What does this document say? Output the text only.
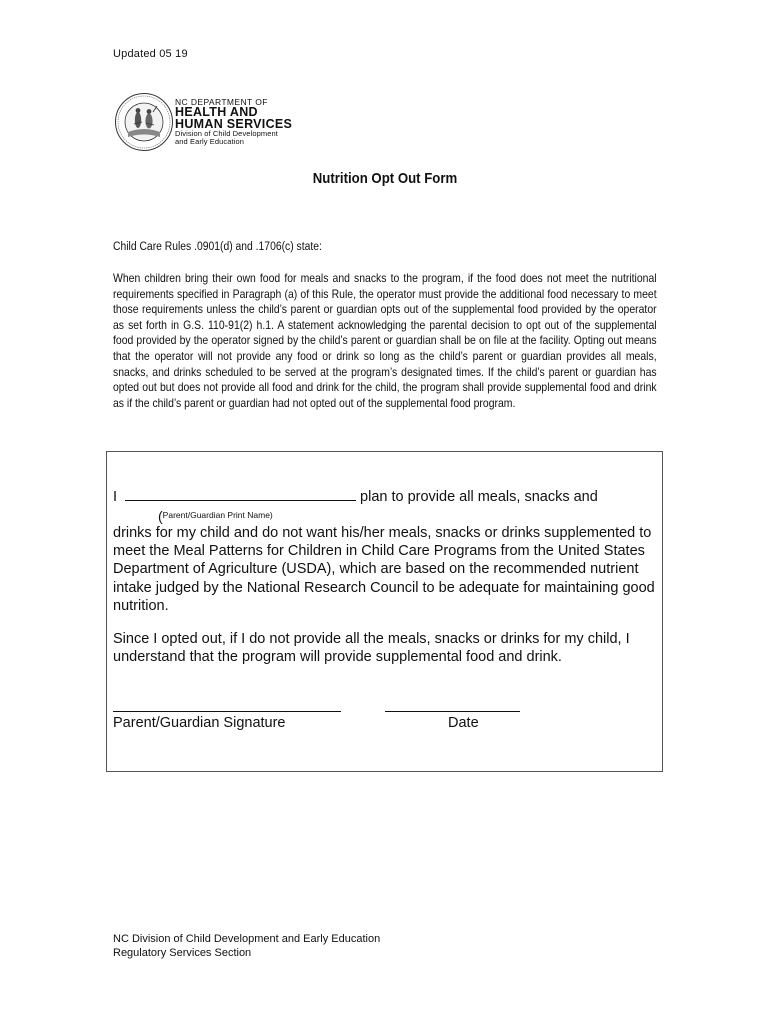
Updated 05 19
NC DEPARTMENT OF
HEALTH AND
HUMAN SERVICES
Division of Child Development
and Early Education
Nutrition Opt Out Form
Child Care Rules .0901(d) and .1706(c) state:

When children bring their own food for meals and snacks to the program, if the food does not meet the nutritional requirements specified in Paragraph (a) of this Rule, the operator must provide the additional food necessary to meet those requirements unless the child’s parent or guardian opts out of the supplemental food provided by the operator as set forth in G.S. 110-91(2) h.1. A statement acknowledging the parental decision to opt out of the supplemental food provided by the operator signed by the child’s parent or guardian shall be on file at the facility. Opting out means that the operator will not provide any food or drink so long as the child’s parent or guardian provides all meals, snacks, and drinks scheduled to be served at the program’s designated times. If the child’s parent or guardian has opted out but does not provide all food and drink for the child, the program shall provide supplemental food and drink as if the child’s parent or guardian had not opted out of the supplemental food program.

I	plan to provide all meals, snacks and
(Parent/Guardian Print Name)

drinks for my child and do not want his/her meals, snacks or drinks supplemented to meet the Meal Patterns for Children in Child Care Programs from the United States Department of Agriculture (USDA), which are based on the recommended nutrient intake judged by the National Research Council to be adequate for maintaining good nutrition.

Since I opted out, if I do not provide all the meals, snacks or drinks for my child, I understand that the program will provide supplemental food and drink.

Parent/Guardian Signature	Date
NC Division of Child Development and Early Education
Regulatory Services Section
